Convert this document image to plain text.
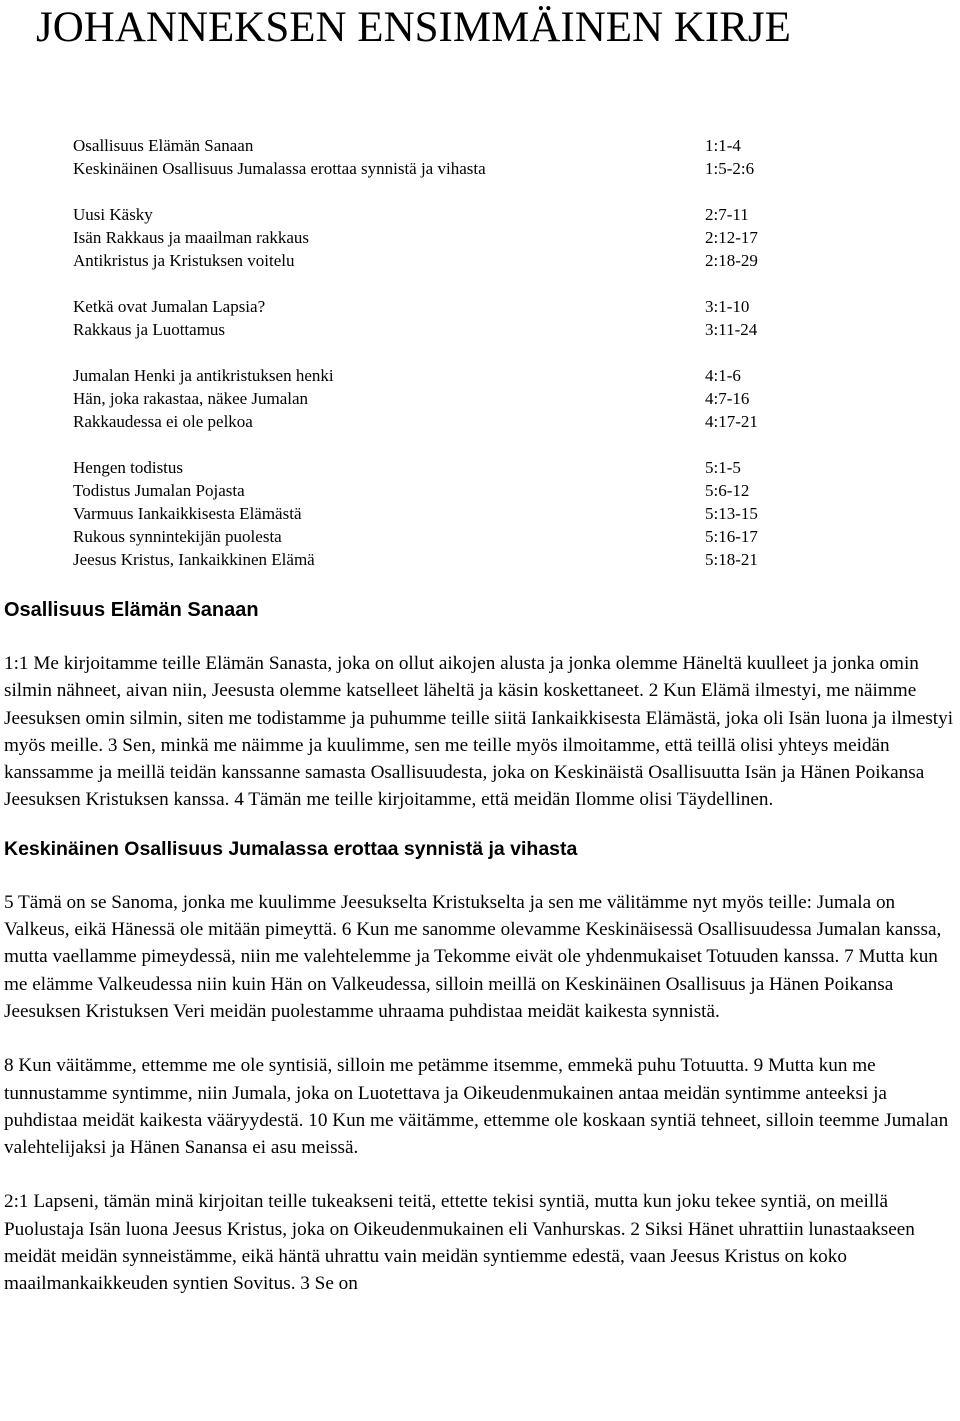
JOHANNEKSEN ENSIMMÄINEN KIRJE
Osallisuus Elämän Sanaan	1:1-4
Keskinäinen Osallisuus Jumalassa erottaa synnistä ja vihasta	1:5-2:6
Uusi Käsky	2:7-11
Isän Rakkaus ja maailman rakkaus	2:12-17
Antikristus ja Kristuksen voitelu	2:18-29
Ketkä ovat Jumalan Lapsia?	3:1-10
Rakkaus ja Luottamus	3:11-24
Jumalan Henki ja antikristuksen henki	4:1-6
Hän, joka rakastaa, näkee Jumalan	4:7-16
Rakkaudessa ei ole pelkoa	4:17-21
Hengen todistus	5:1-5
Todistus Jumalan Pojasta	5:6-12
Varmuus Iankaikkisesta Elämästä	5:13-15
Rukous synnintekijän puolesta	5:16-17
Jeesus Kristus, Iankaikkinen Elämä	5:18-21
Osallisuus Elämän Sanaan

1:1 Me kirjoitamme teille Elämän Sanasta, joka on ollut aikojen alusta ja jonka olemme Häneltä kuulleet ja jonka omin silmin nähneet, aivan niin, Jeesusta olemme katselleet läheltä ja käsin koskettaneet. 2 Kun Elämä ilmestyi, me näimme Jeesuksen omin silmin, siten me todistamme ja puhumme teille siitä Iankaikkisesta Elämästä, joka oli Isän luona ja ilmestyi myös meille. 3 Sen, minkä me näimme ja kuulimme, sen me teille myös ilmoitamme, että teillä olisi yhteys meidän kanssamme ja meillä teidän kanssanne samasta Osallisuudesta, joka on Keskinäistä Osallisuutta Isän ja Hänen Poikansa Jeesuksen Kristuksen kanssa. 4 Tämän me teille kirjoitamme, että meidän Ilomme olisi Täydellinen.

Keskinäinen Osallisuus Jumalassa erottaa synnistä ja vihasta

5 Tämä on se Sanoma, jonka me kuulimme Jeesukselta Kristukselta ja sen me välitämme nyt myös teille: Jumala on Valkeus, eikä Hänessä ole mitään pimeyttä. 6 Kun me sanomme olevamme Keskinäisessä Osallisuudessa Jumalan kanssa, mutta vaellamme pimeydessä, niin me valehtelemme ja Tekomme eivät ole yhdenmukaiset Totuuden kanssa. 7 Mutta kun me elämme Valkeudessa niin kuin Hän on Valkeudessa, silloin meillä on Keskinäinen Osallisuus ja Hänen Poikansa Jeesuksen Kristuksen Veri meidän puolestamme uhraama puhdistaa meidät kaikesta synnistä.

8 Kun väitämme, ettemme me ole syntisiä, silloin me petämme itsemme, emmekä puhu Totuutta. 9 Mutta kun me tunnustamme syntimme, niin Jumala, joka on Luotettava ja Oikeudenmukainen antaa meidän syntimme anteeksi ja puhdistaa meidät kaikesta vääryydestä. 10 Kun me väitämme, ettemme ole koskaan syntiä tehneet, silloin teemme Jumalan valehtelijaksi ja Hänen Sanansa ei asu meissä.

2:1 Lapseni, tämän minä kirjoitan teille tukeakseni teitä, ettette tekisi syntiä, mutta kun joku tekee syntiä, on meillä Puolustaja Isän luona Jeesus Kristus, joka on Oikeudenmukainen eli Vanhurskas. 2 Siksi Hänet uhrattiin lunastaakseen meidät meidän synneistämme, eikä häntä uhrattu vain meidän syntiemme edestä, vaan Jeesus Kristus on koko maailmankaikkeuden syntien Sovitus. 3 Se on
